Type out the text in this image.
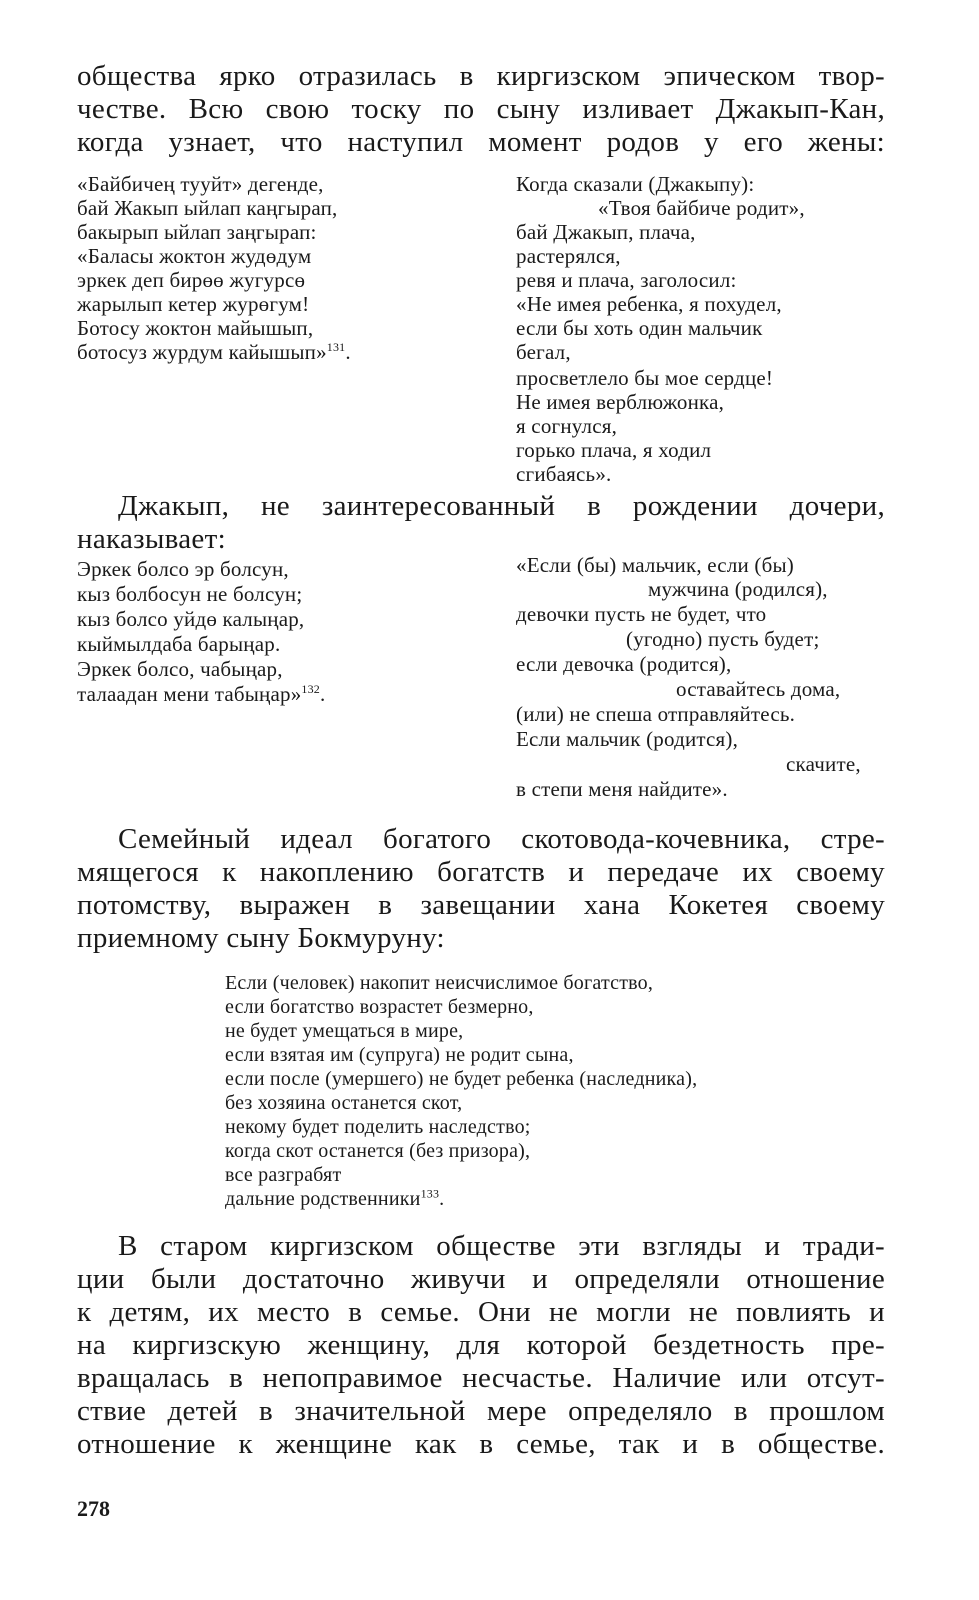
общества ярко отразилась в киргизском эпическом твор-
честве. Всю свою тоску по сыну изливает Джакып-Кан,
когда узнает, что наступил момент родов у его жены:
«Байбичең тууйт» дегенде,
бай Жакып ыйлап каңгырап,
бакырып ыйлап заңгырап:
«Баласы жоктон жудөдум
эркек деп бирөө жугурсө
жарылып кетер журөгум!
Ботосу жоктон майышып,
ботосуз журдум кайышып»$^{131}$.
Когда сказали (Джакыпу):
«Твоя байбиче родит»,
бай Джакып, плача,
растерялся,
ревя и плача, заголосил:
«Не имея ребенка, я похудел,
если бы хоть один мальчик
бегал,
просветлело бы мое сердце!
Не имея верблюжонка,
я согнулся,
горько плача, я ходил
сгибаясь».
Джакып, не заинтересованный в рождении дочери,
наказывает:
Эркек болсо эр болсун,
кыз болбосун не болсун;
кыз болсо уйдө калыңар,
кыймылдаба барыңар.
Эркек болсо, чабыңар,
талаадан мени табыңар»$^{132}$.
«Если (бы) мальчик, если (бы)
мужчина (родился),
девочки пусть не будет, что
(угодно) пусть будет;
если девочка (родится),
оставайтесь дома,
(или) не спеша отправляйтесь.
Если мальчик (родится),
скачите,
в степи меня найдите».
Семейный идеал богатого скотовода-кочевника, стре-
мящегося к накоплению богатств и передаче их своему
потомству, выражен в завещании хана Кокетея своему
приемному сыну Бокмуруну:
Если (человек) накопит неисчислимое богатство,
если богатство возрастет безмерно,
не будет умещаться в мире,
если взятая им (супруга) не родит сына,
если после (умершего) не будет ребенка (наследника),
без хозяина останется скот,
некому будет поделить наследство;
когда скот останется (без призора),
все разграбят
дальние родственники$^{133}$.
В старом киргизском обществе эти взгляды и тради-
ции были достаточно живучи и определяли отношение
к детям, их место в семье. Они не могли не повлиять и
на киргизскую женщину, для которой бездетность пре-
вращалась в непоправимое несчастье. Наличие или отсут-
ствие детей в значительной мере определяло в прошлом
отношение к женщине как в семье, так и в обществе.
278
